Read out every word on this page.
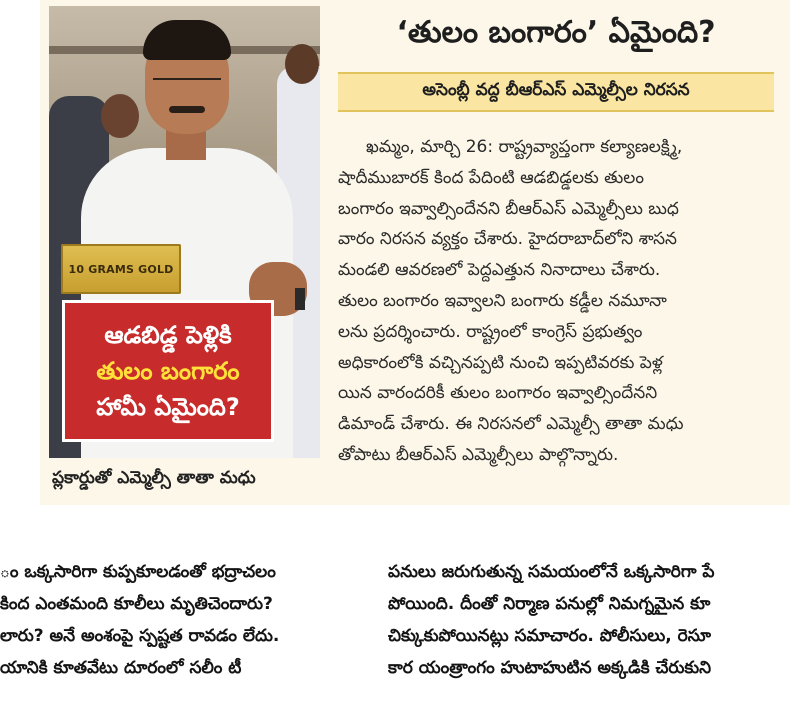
10 GRAMS GOLD
ఆడబిడ్డ పెళ్లికి
తులం బంగారం
హామీ ఏమైంది?
ప్లకార్డుతో ఎమ్మెల్సీ తాతా మధు
‘తులం బంగారం’ ఏమైంది?
అసెంబ్లీ వద్ద బీఆర్ఎస్ ఎమ్మెల్సీల నిరసన
ఖమ్మం, మార్చి 26: రాష్ట్రవ్యాప్తంగా కల్యాణలక్ష్మి,
షాదీముబారక్ కింద పేదింటి ఆడబిడ్డలకు తులం
బంగారం ఇవ్వాల్సిందేనని బీఆర్ఎస్ ఎమ్మెల్సీలు బుధ
వారం నిరసన వ్యక్తం చేశారు. హైదరాబాద్‌లోని శాసన
మండలి ఆవరణలో పెద్దఎత్తున నినాదాలు చేశారు.
తులం బంగారం ఇవ్వాలని బంగారు కడ్డీల నమూనా
లను ప్రదర్శించారు. రాష్ట్రంలో కాంగ్రెస్ ప్రభుత్వం
అధికారంలోకి వచ్చినప్పటి నుంచి ఇప్పటివరకు పెళ్ల
యిన వారందరికీ తులం బంగారం ఇవ్వాల్సిందేనని
డిమాండ్ చేశారు. ఈ నిరసనలో ఎమ్మెల్సీ తాతా మధు
తోపాటు బీఆర్ఎస్ ఎమ్మెల్సీలు పాల్గొన్నారు.
ం ఒక్కసారిగా కుప్పకూలడంతో భద్రాచలం
కింద ఎంతమంది కూలీలు మృతిచెందారు?
లారు? అనే అంశంపై స్పష్టత రావడం లేదు.
యానికి కూతవేటు దూరంలో సలీం టీ
పనులు జరుగుతున్న సమయంలోనే ఒక్కసారిగా పే
పోయింది. దీంతో నిర్మాణ పనుల్లో నిమగ్నమైన కూ
చిక్కుకుపోయినట్లు సమాచారం. పోలీసులు, రెసూ
కార యంత్రాంగం హుటాహుటిన అక్కడికి చేరుకుని
